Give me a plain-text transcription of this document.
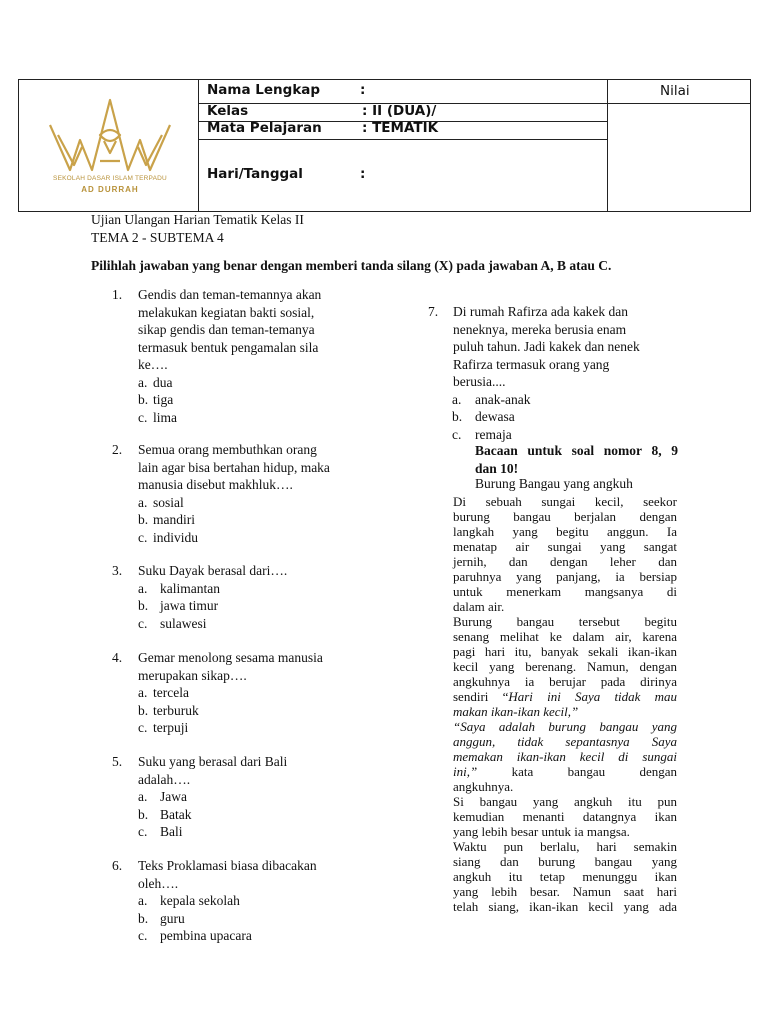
Nama Lengkap	:	Nilai
Kelas	: II (DUA)/
Mata Pelajaran	: TEMATIK
Hari/Tanggal	:
SEKOLAH DASAR ISLAM TERPADU
AD DURRAH
Ujian Ulangan Harian Tematik Kelas II
TEMA 2 - SUBTEMA 4
Pilihlah jawaban yang benar dengan memberi tanda silang (X) pada jawaban A, B atau C.
1.	Gendis dan teman-temannya akan
melakukan kegiatan bakti sosial,
sikap gendis dan teman-temanya
termasuk bentuk pengamalan sila
ke….
a. dua
b. tiga
c. lima
2.	Semua orang membuthkan orang
lain agar bisa bertahan hidup, maka
manusia disebut makhluk….
a. sosial
b. mandiri
c. individu
3.	Suku Dayak berasal dari….
a. kalimantan
b. jawa timur
c. sulawesi
4.	Gemar menolong sesama manusia
merupakan sikap….
a. tercela
b. terburuk
c. terpuji
5.	Suku yang berasal dari Bali
adalah….
a. Jawa
b. Batak
c. Bali
6.	Teks Proklamasi biasa dibacakan
oleh….
a. kepala sekolah
b. guru
c. pembina upacara
7. Di rumah Rafirza ada kakek dan
neneknya, mereka berusia enam
puluh tahun. Jadi kakek dan nenek
Rafirza termasuk orang yang
berusia....
a. anak-anak
b. dewasa
c. remaja
Bacaan untuk soal nomor 8, 9
dan 10!
Burung Bangau yang angkuh

Di sebuah sungai kecil, seekor
burung bangau berjalan dengan
langkah yang begitu anggun. Ia
menatap air sungai yang sangat
jernih, dan dengan leher dan
paruhnya yang panjang, ia bersiap
untuk menerkam mangsanya di
dalam air.

Burung bangau tersebut begitu
senang melihat ke dalam air, karena
pagi hari itu, banyak sekali ikan-ikan
kecil yang berenang. Namun, dengan
angkuhnya ia berujar pada dirinya
sendiri “Hari ini Saya tidak mau
makan ikan-ikan kecil,”

“Saya adalah burung bangau yang
anggun, tidak sepantasnya Saya
memakan ikan-ikan kecil di sungai
ini,” kata bangau dengan
angkuhnya.

Si bangau yang angkuh itu pun
kemudian menanti datangnya ikan
yang lebih besar untuk ia mangsa.

Waktu pun berlalu, hari semakin
siang dan burung bangau yang
angkuh itu tetap menunggu ikan
yang lebih besar. Namun saat hari
telah siang, ikan-ikan kecil yang ada
